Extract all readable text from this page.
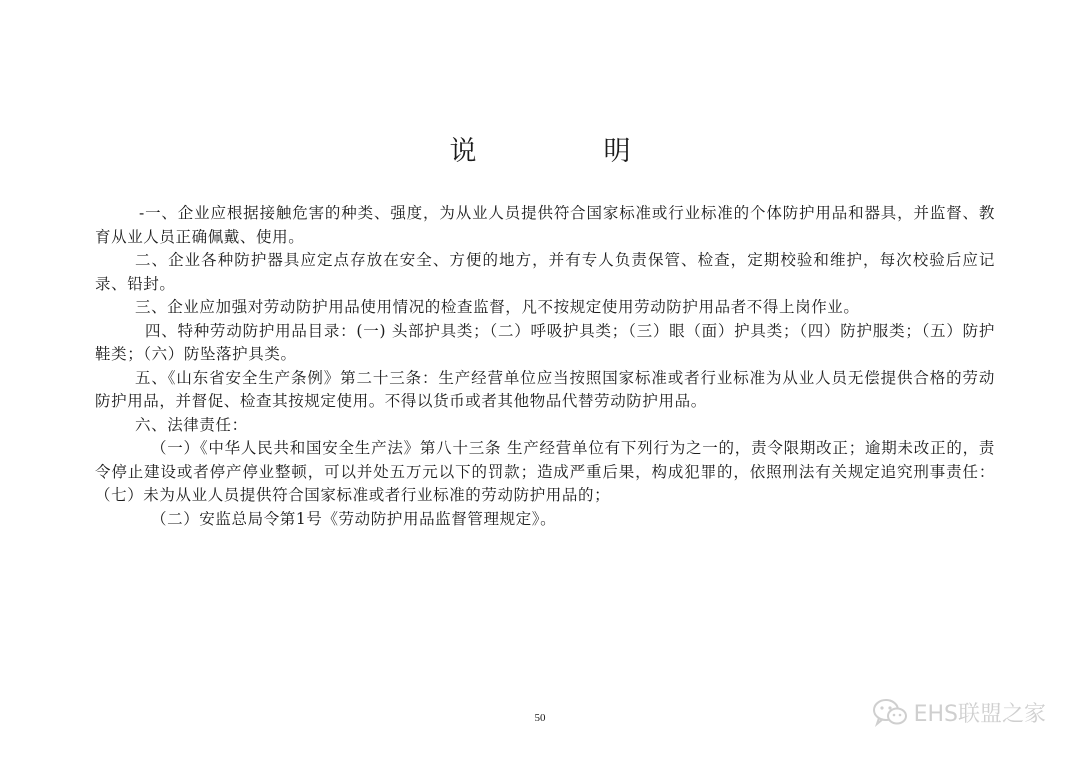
说　明

-一、企业应根据接触危害的种类、强度，为从业人员提供符合国家标准或行业标准的个体防护用品和器具，并监督、教育从业人员正确佩戴、使用。

二、企业各种防护器具应定点存放在安全、方便的地方，并有专人负责保管、检查，定期校验和维护，每次校验后应记录、铅封。

三、企业应加强对劳动防护用品使用情况的检查监督，凡不按规定使用劳动防护用品者不得上岗作业。

四、特种劳动防护用品目录：(一) 头部护具类；（二）呼吸护具类；（三）眼（面）护具类；（四）防护服类；（五）防护鞋类；（六）防坠落护具类。

五、《山东省安全生产条例》第二十三条：生产经营单位应当按照国家标准或者行业标准为从业人员无偿提供合格的劳动防护用品，并督促、检查其按规定使用。不得以货币或者其他物品代替劳动防护用品。

六、法律责任：

（一）《中华人民共和国安全生产法》第八十三条 生产经营单位有下列行为之一的，责令限期改正；逾期未改正的，责令停止建设或者停产停业整顿，可以并处五万元以下的罚款；造成严重后果，构成犯罪的，依照刑法有关规定追究刑事责任：（七）未为从业人员提供符合国家标准或者行业标准的劳动防护用品的；

（二）安监总局令第1号《劳动防护用品监督管理规定》。

50	EHS联盟之家
